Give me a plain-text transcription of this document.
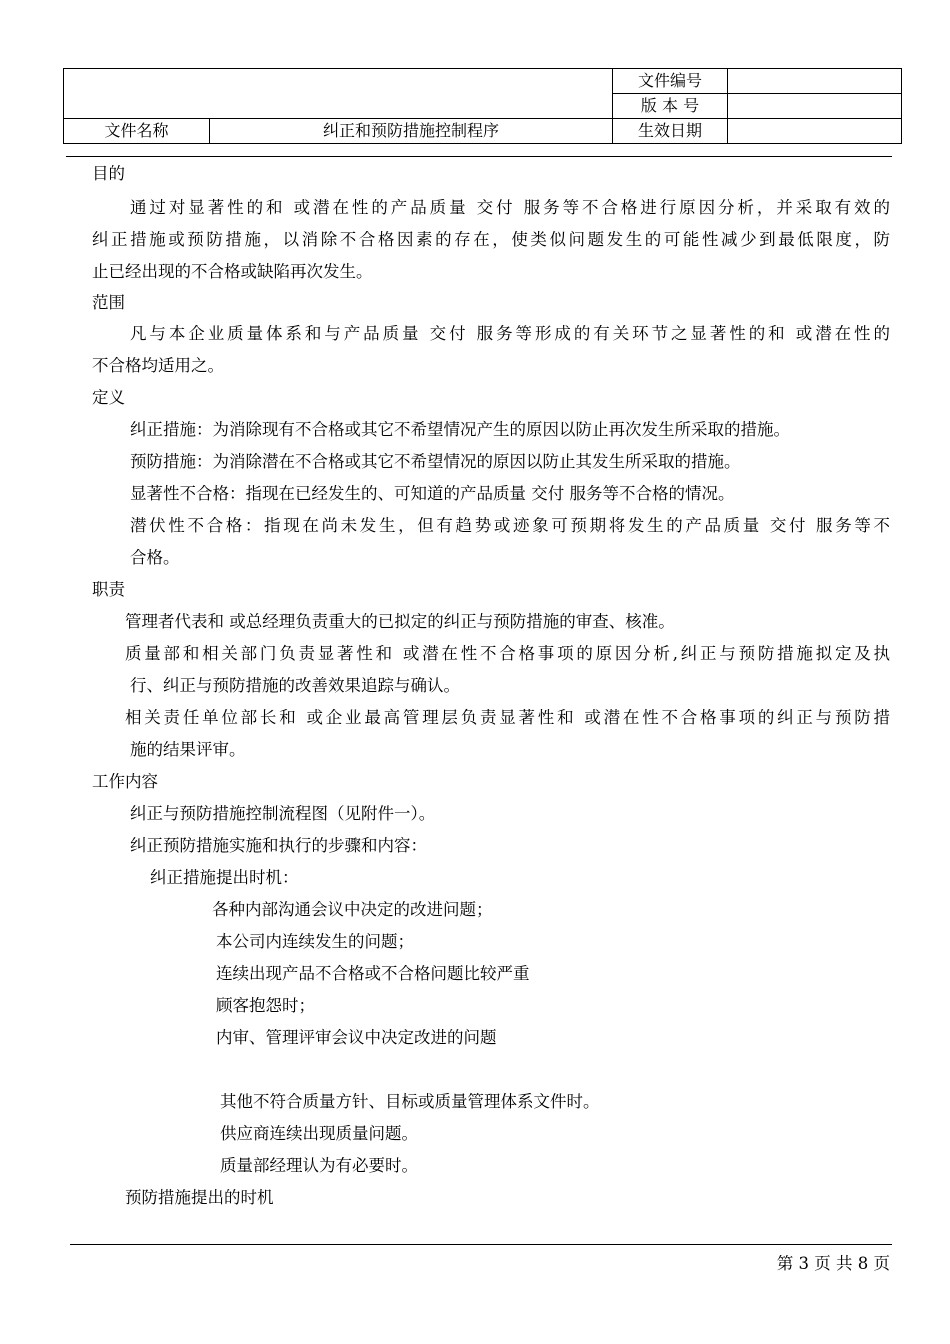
		文件编号	
		版 本 号	
文件名称	纠正和预防措施控制程序	生效日期	
目的
通过对显著性的和 或潜在性的产品质量 交付 服务等不合格进行原因分析，并采取有效的
纠正措施或预防措施，以消除不合格因素的存在，使类似问题发生的可能性减少到最低限度，防
止已经出现的不合格或缺陷再次发生。
范围
凡与本企业质量体系和与产品质量 交付 服务等形成的有关环节之显著性的和 或潜在性的
不合格均适用之。
定义
纠正措施：为消除现有不合格或其它不希望情况产生的原因以防止再次发生所采取的措施。
预防措施：为消除潜在不合格或其它不希望情况的原因以防止其发生所采取的措施。
显著性不合格：指现在已经发生的、可知道的产品质量 交付 服务等不合格的情况。
潜伏性不合格：指现在尚未发生，但有趋势或迹象可预期将发生的产品质量 交付 服务等不
合格。
职责
管理者代表和 或总经理负责重大的已拟定的纠正与预防措施的审查、核准。
质量部和相关部门负责显著性和 或潜在性不合格事项的原因分析,纠正与预防措施拟定及执
行、纠正与预防措施的改善效果追踪与确认。
相关责任单位部长和 或企业最高管理层负责显著性和 或潜在性不合格事项的纠正与预防措
施的结果评审。
工作内容
纠正与预防措施控制流程图（见附件一）。
纠正预防措施实施和执行的步骤和内容：
纠正措施提出时机：
各种内部沟通会议中决定的改进问题；
本公司内连续发生的问题；
连续出现产品不合格或不合格问题比较严重
顾客抱怨时；
内审、管理评审会议中决定改进的问题
其他不符合质量方针、目标或质量管理体系文件时。
供应商连续出现质量问题。
质量部经理认为有必要时。
预防措施提出的时机
第 3 页 共 8 页
